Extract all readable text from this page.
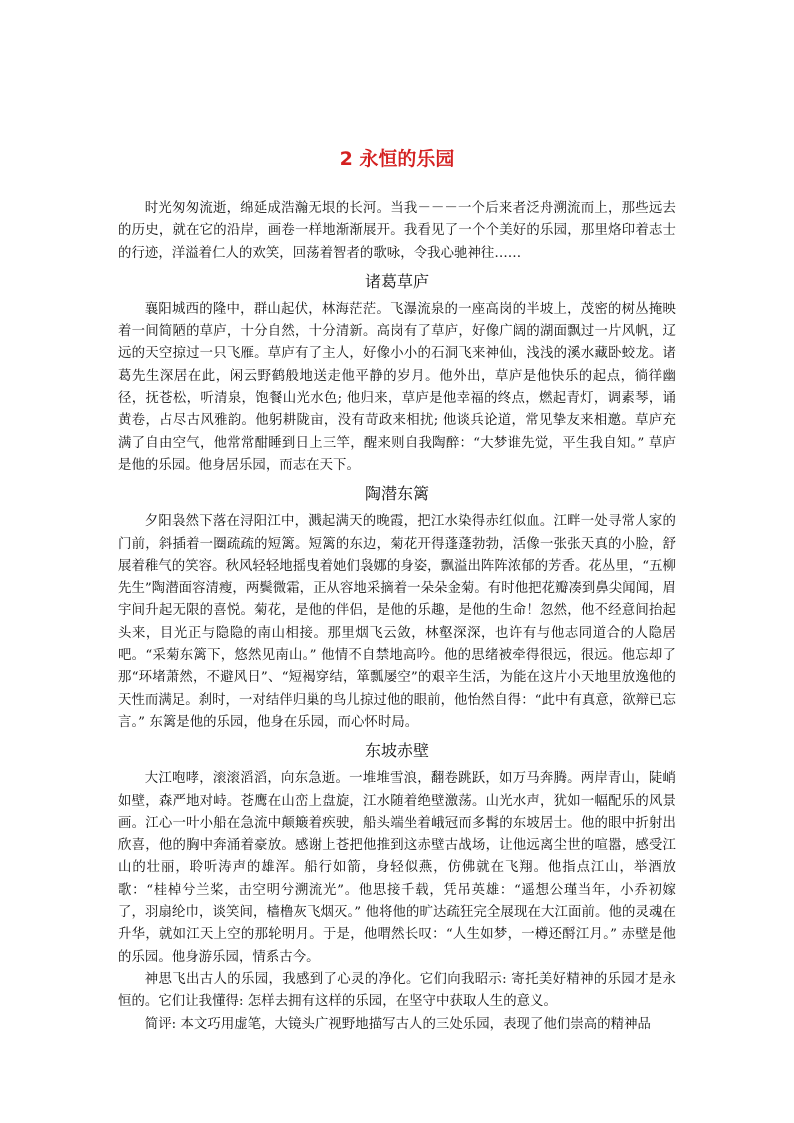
2 永恒的乐园

时光匆匆流逝，绵延成浩瀚无垠的长河。当我－－－一个后来者泛舟溯流而上，那些远去的历史，就在它的沿岸，画卷一样地渐渐展开。我看见了一个个美好的乐园，那里烙印着志士的行迹，洋溢着仁人的欢笑，回荡着智者的歌咏，令我心驰神往……

诸葛草庐

襄阳城西的隆中，群山起伏，林海茫茫。飞瀑流泉的一座高岗的半坡上，茂密的树丛掩映着一间简陋的草庐，十分自然，十分清新。高岗有了草庐，好像广阔的湖面飘过一片风帆，辽远的天空掠过一只飞雁。草庐有了主人，好像小小的石洞飞来神仙，浅浅的溪水藏卧蛟龙。诸葛先生深居在此，闲云野鹤般地送走他平静的岁月。他外出，草庐是他快乐的起点，徜徉幽径，抚苍松，听清泉，饱餐山光水色; 他归来，草庐是他幸福的终点，燃起青灯，调素琴，诵黄卷，占尽古风雅韵。他躬耕陇亩，没有苛政来相扰; 他谈兵论道，常见挚友来相邀。草庐充满了自由空气，他常常酣睡到日上三竿，醒来则自我陶醉：“大梦谁先觉，平生我自知。” 草庐是他的乐园。他身居乐园，而志在天下。

陶潜东篱

夕阳袅然下落在浔阳江中，溅起满天的晚霞，把江水染得赤红似血。江畔一处寻常人家的门前，斜插着一圈疏疏的短篱。短篱的东边，菊花开得蓬蓬勃勃，活像一张张天真的小脸，舒展着稚气的笑容。秋风轻轻地摇曳着她们袅娜的身姿，飘溢出阵阵浓郁的芳香。花丛里，“五柳先生”陶潜面容清瘦，两鬓微霜，正从容地采摘着一朵朵金菊。有时他把花瓣凑到鼻尖闻闻，眉宇间升起无限的喜悦。菊花，是他的伴侣，是他的乐趣，是他的生命！忽然，他不经意间抬起头来，目光正与隐隐的南山相接。那里烟飞云敛，林壑深深，也许有与他志同道合的人隐居吧。“采菊东篱下，悠然见南山。” 他情不自禁地高吟。他的思绪被牵得很远，很远。他忘却了那“环堵萧然，不避风日”、“短褐穿结，箪瓢屡空”的艰辛生活，为能在这片小天地里放逸他的天性而满足。刹时，一对结伴归巢的鸟儿掠过他的眼前，他怡然自得：“此中有真意，欲辩已忘言。” 东篱是他的乐园，他身在乐园，而心怀时局。

东坡赤壁

大江咆哮，滚滚滔滔，向东急逝。一堆堆雪浪，翻卷跳跃，如万马奔腾。两岸青山，陡峭如壁，森严地对峙。苍鹰在山峦上盘旋，江水随着绝壁激荡。山光水声，犹如一幅配乐的风景画。江心一叶小船在急流中颠簸着疾驶，船头端坐着峨冠而多髯的东坡居士。他的眼中折射出欣喜，他的胸中奔涌着豪放。感谢上苍把他推到这赤壁古战场，让他远离尘世的喧嚣，感受江山的壮丽，聆听涛声的雄浑。船行如箭，身轻似燕，仿佛就在飞翔。他指点江山，举酒放歌：“桂棹兮兰桨，击空明兮溯流光”。他思接千载，凭吊英雄：“遥想公瑾当年，小乔初嫁了，羽扇纶巾，谈笑间，樯橹灰飞烟灭。” 他将他的旷达疏狂完全展现在大江面前。他的灵魂在升华，就如江天上空的那轮明月。于是，他喟然长叹：“人生如梦，一樽还酹江月。” 赤壁是他的乐园。他身游乐园，情系古今。

神思飞出古人的乐园，我感到了心灵的净化。它们向我昭示: 寄托美好精神的乐园才是永恒的。它们让我懂得: 怎样去拥有这样的乐园，在坚守中获取人生的意义。

简评: 本文巧用虚笔，大镜头广视野地描写古人的三处乐园，表现了他们崇高的精神品
